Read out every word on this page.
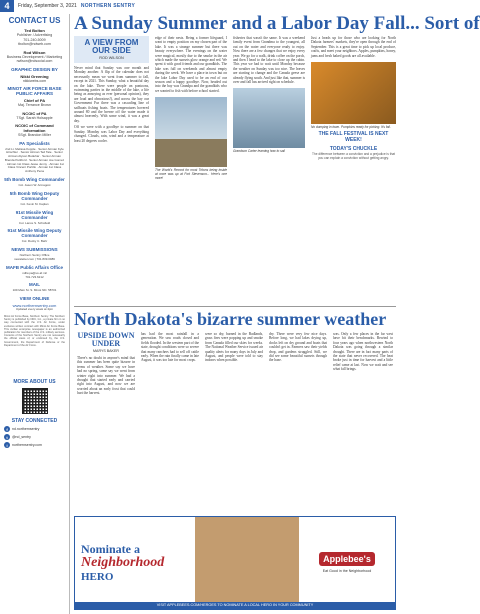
4	Friday, September 3, 2021 NORTHERN SENTRY
CONTACT US
Ted Bolton
Publisher / Advertising
701-240-5009
tbolton@ndweb.com
Rod Wilson
Business Development / Marketing
rwilson@ndsocial.com
GRAPHIC DESIGN BY
Nikki Greening
nikkiwebs.com
MINOT AIR FORCE BASE PUBLIC AFFAIRS
Chief of PA
Maj. Terrance Brown
NCOIC of PA
TSgt. Sarah Holsapple
NCOIC of Command Information
SSgt. Brandon Miller
PA Specialists
2nd Lt. Melissa Kopple · Senior Airman Kyle Hirschler · Senior Airman Ted Tate · Senior Airman Alyson Bodehar · Senior Airman Brenda Pettiford · Senior Airman Joe Gomez · Airman 1st Class Jesse Jenny · Airman 1st Class Vincent Portillo · Airman 1st Class Anthony Pena
5th Bomb Wing Commander
Col. Jason W. Armagost
5th Bomb Wing Deputy Commander
Col. Kevin M. Kaplan
91st Missile Wing Commander
Col. Lance S. Schofield
91st Missile Wing Deputy Commander
Col. Rocky C. Bahr
NEWS SUBMISSIONS
Northern Sentry Office
newsletter.com | 701.839.0986
MAFB Public Affairs Office
ndfw.pa@us.af.mil
701.723.6212
MAIL
109 Main St. S. Minot ND. 58701
VIEW ONLINE
www.northernsentry.com
Updated every week at 4pm
Minot Air Force Base, Northern Sentry. The Northern Sentry is published by NDC, Inc., a private firm in no way connected with the U.S. Air Force, under exclusive written contract with Minot Air Force Base. This civilian enterprise newspaper is an authorized publication for members of the U.S. military services. Contents of the Northern Sentry are not necessarily the official views of, or endorsed by, the U.S. Government, the Department of Defense or the Department of the Air Force.
MORE ABOUT US
STAY CONNECTED
f	nd.northernsentry
t	@nd_sentry
i	northernsentry.com
A Sunday Summer and a Labor Day Fall... Sort of
A VIEW FROM OUR SIDE
ROD WILSON

Never mind that Sunday was one month and Monday another. A flip of the calendar does not necessarily mean we went from summer to fall, except in 2021. This Sunday, what a beautiful day on the lake. There were people on pontoons, swimming parties in the middle of the lake, a life being as annoying as ever (personal opinion), they are loud and obnoxious!), and across the bay our Government Fur there was a cascading line of sailboats fishing boats. The temperatures hovered around 80 and the breeze off the water made it almost heavenly. With some wind, it was a great day.

Off we were with a goodbye to summer on that Sunday. Monday was Labor Day and everything changed. Clouds, rain, wind and a temperature at least 20 degrees cooler.

edge of their nests. Being a former lifeguard, I want to empty position on my chosen part of the lake. It was a strange summer but there was beauty everywhere. The evenings on the water were magical, mostly due to the smoke in the air which made the sunsets glow orange and red. We spent it with good friends and our grandkids. The lake was full on weekends and almost empty during the week. We have a place in town but on the lake Labor Day used to be an end of our season and a happy goodbye. Now, headed out into the bay was Grandpa and the grandkids who we wanted to fish with before school started.

The World's Record for most Tritons being inside at once was up at Fort Stevenson... Here's one more!

fisheries that wasn't the same. It was a weekend family event from Grandma to the youngest, all out on the water and everyone ready to enjoy. Now there are a few changes that we enjoy every year. We go for a walk, drink coffee on the porch, and then I head to the lake to close up the cabin. This year we had to wait until Monday because the weather on Sunday was too nice. The leaves are starting to change and the Canada geese are already flying south. And just like that, summer is over and fall has arrived right on schedule.

Grandson Carter learning how to sail

Just a heads up for those who are looking for North Dakota farmers' markets, they're open through the end of September. This is a great time to pick up local produce, crafts, and meet your neighbors. Apples, pumpkins, honey, jams and fresh baked goods are all available.

No dumping in town. Pumpkins ready for picking. It's fall.
THE FALL FESTIVAL IS NEXT WEEK!
TODAY'S CHUCKLE

The difference between a conviction and a prejudice is that you can explain a conviction without getting angry.

North Dakota's bizarre summer weather
UPSIDE DOWN UNDER
MARYS BAKER

There's no doubt in anyone's mind that this summer has been quite bizarre in terms of weather. Some say we have had no spring, some say we went from winter right into summer. We had a drought that started early and carried right into August, and now we are worried about an early frost that could hurt the harvest.

has had the most rainfall in a generation. We saw roads closed and fields flooded. In the western part of the state, drought conditions were so severe that many ranchers had to sell off cattle early. When the rain finally came in late August, it was too late for most crops.

were so dry, burned in the Badlands, grass fires were popping up and smoke from Canada filled our skies for weeks. The National Weather Service issued air quality alerts for many days in July and August, and people were told to stay indoors when possible.

dry. There were very few nice days. Before long, we had lakes drying up, docks left on dry ground and boats that couldn't get in. Farmers saw their yields drop, and gardens struggled. Still, we did see some beautiful sunsets through the haze.

was. Only a few places in the far west have hit their benchmarks. Rewind to four years ago when northwestern North Dakota was going through a similar drought. There are in fact many parts of the state that never recovered. The heat broke just in time for harvest and a little relief came at last. Now we wait and see what fall brings.

Nominate a
Neighborhood
HERO
Applebee's
Eat Good in the Neighborhood
VISIT APPLEBEES.COM/HEROES TO NOMINATE A LOCAL HERO IN YOUR COMMUNITY
